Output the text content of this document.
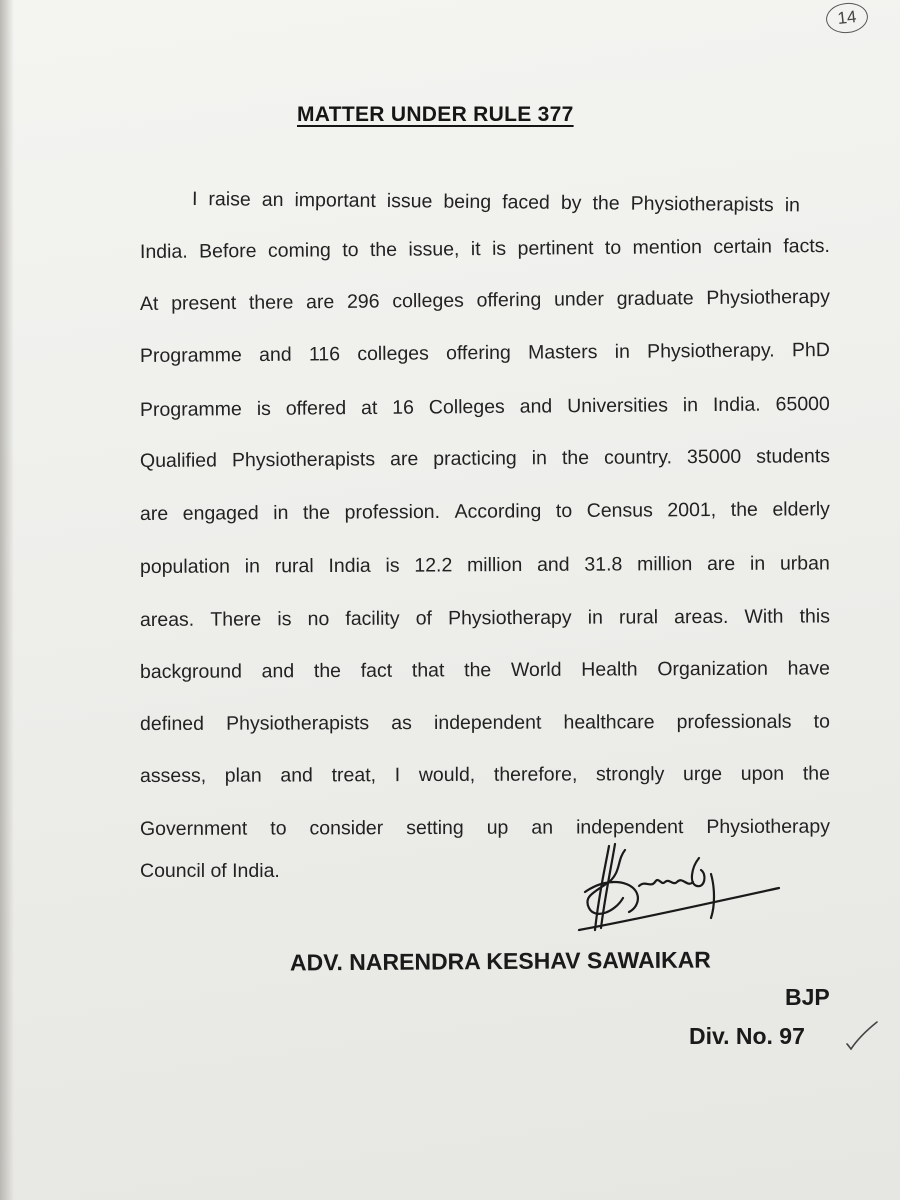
14
MATTER UNDER RULE 377
I raise an important issue being faced by the Physiotherapists in
India. Before coming to the issue, it is pertinent to mention certain facts.
At present there are 296 colleges offering under graduate Physiotherapy
Programme and 116 colleges offering Masters in Physiotherapy. PhD
Programme is offered at 16 Colleges and Universities in India. 65000
Qualified Physiotherapists are practicing in the country. 35000 students
are engaged in the profession. According to Census 2001, the elderly
population in rural India is 12.2 million and 31.8 million are in urban
areas. There is no facility of Physiotherapy in rural areas. With this
background and the fact that the World Health Organization have
defined Physiotherapists as independent healthcare professionals to
assess, plan and treat, I would, therefore, strongly urge upon the
Government to consider setting up an independent Physiotherapy
Council of India.
ADV. NARENDRA KESHAV SAWAIKAR
BJP
Div. No. 97
